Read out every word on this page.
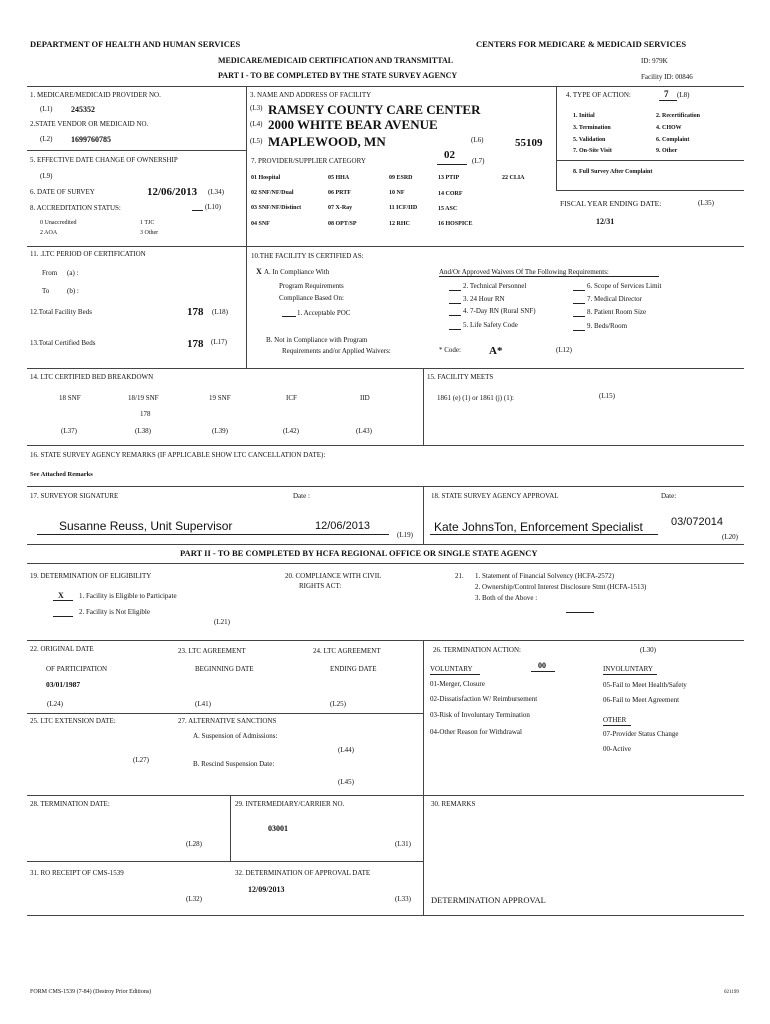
DEPARTMENT OF HEALTH AND HUMAN SERVICES	CENTERS FOR MEDICARE & MEDICAID SERVICES
MEDICARE/MEDICAID CERTIFICATION AND TRANSMITTAL	ID: 979K
PART I - TO BE COMPLETED BY THE STATE SURVEY AGENCY	Facility ID: 00846
1. MEDICARE/MEDICAID PROVIDER NO.
(L1) 245352
2.STATE VENDOR OR MEDICAID NO.
(L2) 1699760785
3. NAME AND ADDRESS OF FACILITY
(L3) RAMSEY COUNTY CARE CENTER
(L4) 2000 WHITE BEAR AVENUE
(L5) MAPLEWOOD, MN	(L6)	55109
4. TYPE OF ACTION:	7 (L8)
1. Initial	2. Recertification
3. Termination	4. CHOW
5. Validation	6. Complaint
7. On-Site Visit	9. Other
8. Full Survey After Complaint
5. EFFECTIVE DATE CHANGE OF OWNERSHIP
(L9)
6. DATE OF SURVEY	12/06/2013 (L34)
8. ACCREDITATION STATUS:	(L10)
0 Unaccredited	1 TJC
2 AOA	3 Other
7. PROVIDER/SUPPLIER CATEGORY	02 (L7)
01 Hospital	05 HHA	09 ESRD	13 PTIP	22 CLIA
02 SNF/NF/Dual	06 PRTF	10 NF	14 CORF
03 SNF/NF/Distinct	07 X-Ray	11 ICF/IID	15 ASC
04 SNF	08 OPT/SP	12 RHC	16 HOSPICE
FISCAL YEAR ENDING DATE:	(L35)
12/31
11. .LTC PERIOD OF CERTIFICATION
From (a) :
To	(b) :
12.Total Facility Beds	178 (L18)
13.Total Certified Beds	178 (L17)
10.THE FACILITY IS CERTIFIED AS:
X A. In Compliance With
Program Requirements
Compliance Based On:
1. Acceptable POC
B. Not in Compliance with Program
Requirements and/or Applied Waivers:
And/Or Approved Waivers Of The Following Requirements:
2. Technical Personnel	6. Scope of Services Limit
3. 24 Hour RN	7. Medical Director
4. 7-Day RN (Rural SNF)	8. Patient Room Size
5. Life Safety Code	9. Beds/Room
* Code:	A*	(L12)
14. LTC CERTIFIED BED BREAKDOWN
18 SNF	18/19 SNF	19 SNF	ICF	IID
178
(L37)	(L38)	(L39)	(L42)	(L43)
15. FACILITY MEETS
1861 (e) (1) or 1861 (j) (1):	(L15)
16. STATE SURVEY AGENCY REMARKS (IF APPLICABLE SHOW LTC CANCELLATION DATE):
See Attached Remarks
17. SURVEYOR SIGNATURE	Date :
Susanne Reuss, Unit Supervisor	12/06/2013
(L19)
18. STATE SURVEY AGENCY APPROVAL	Date:
Kate JohnsTon, Enforcement Specialist	03/072014
(L20)
PART II - TO BE COMPLETED BY HCFA REGIONAL OFFICE OR SINGLE STATE AGENCY
19. DETERMINATION OF ELIGIBILITY
X 1. Facility is Eligible to Participate
2. Facility is Not Eligible
(L21)
20. COMPLIANCE WITH CIVIL
RIGHTS ACT:
21. 1. Statement of Financial Solvency (HCFA-2572)
2. Ownership/Control Interest Disclosure Stmt (HCFA-1513)
3. Both of the Above :
22. ORIGINAL DATE
OF PARTICIPATION
03/01/1987
(L24)
23. LTC AGREEMENT
BEGINNING DATE
(L41)
24. LTC AGREEMENT
ENDING DATE
(L25)
25. LTC EXTENSION DATE:
(L27)
27. ALTERNATIVE SANCTIONS
A. Suspension of Admissions:
(L44)
B. Rescind Suspension Date:
(L45)
26. TERMINATION ACTION:	(L30)
VOLUNTARY	00	INVOLUNTARY
01-Merger, Closure
02-Dissatisfaction W/ Reimbursement
03-Risk of Involuntary Termination
04-Other Reason for Withdrawal
05-Fail to Meet Health/Safety
06-Fail to Meet Agreement
OTHER
07-Provider Status Change
00-Active
28. TERMINATION DATE:
(L28)
29. INTERMEDIARY/CARRIER NO.
03001
(L31)
30. REMARKS
31. RO RECEIPT OF CMS-1539
(L32)
32. DETERMINATION OF APPROVAL DATE
12/09/2013
(L33) DETERMINATION APPROVAL
FORM CMS-1539 (7-84) (Destroy Prior Editions)	021199
